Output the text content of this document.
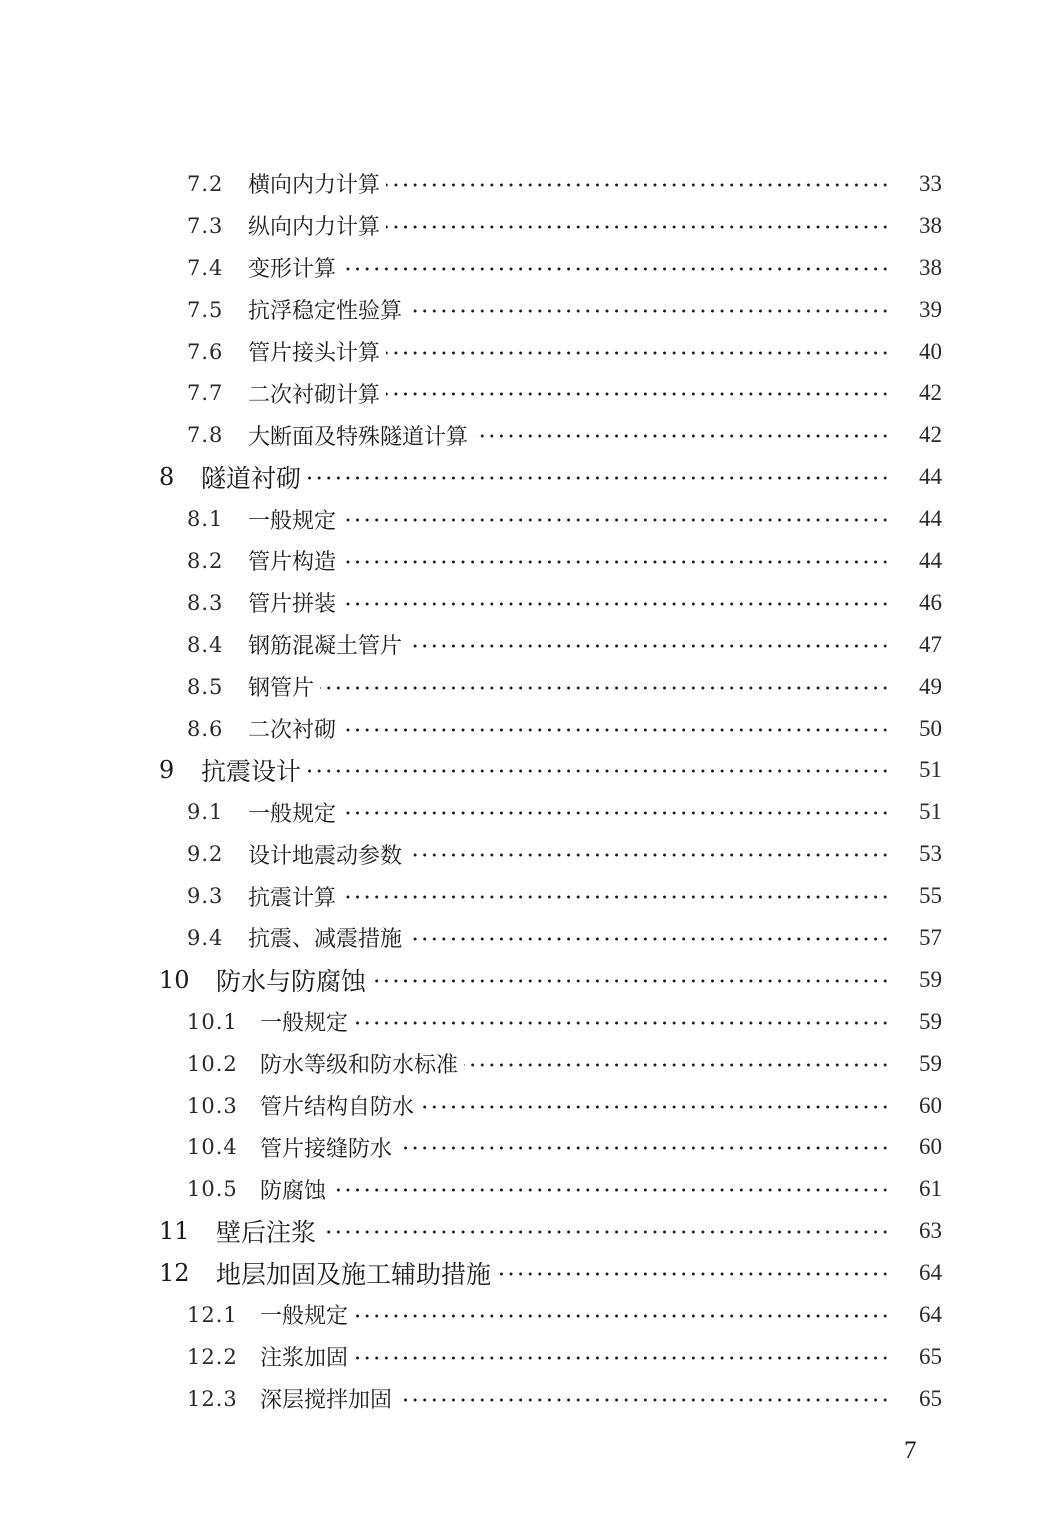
7.2	横向内力计算	33
7.3	纵向内力计算	38
7.4	变形计算	38
7.5	抗浮稳定性验算	39
7.6	管片接头计算	40
7.7	二次衬砌计算	42
7.8	大断面及特殊隧道计算	42
8	隧道衬砌	44
8.1	一般规定	44
8.2	管片构造	44
8.3	管片拼装	46
8.4	钢筋混凝土管片	47
8.5	钢管片	49
8.6	二次衬砌	50
9	抗震设计	51
9.1	一般规定	51
9.2	设计地震动参数	53
9.3	抗震计算	55
9.4	抗震、减震措施	57
10	防水与防腐蚀	59
10.1	一般规定	59
10.2	防水等级和防水标准	59
10.3	管片结构自防水	60
10.4	管片接缝防水	60
10.5	防腐蚀	61
11	壁后注浆	63
12	地层加固及施工辅助措施	64
12.1	一般规定	64
12.2	注浆加固	65
12.3	深层搅拌加固	65
7
